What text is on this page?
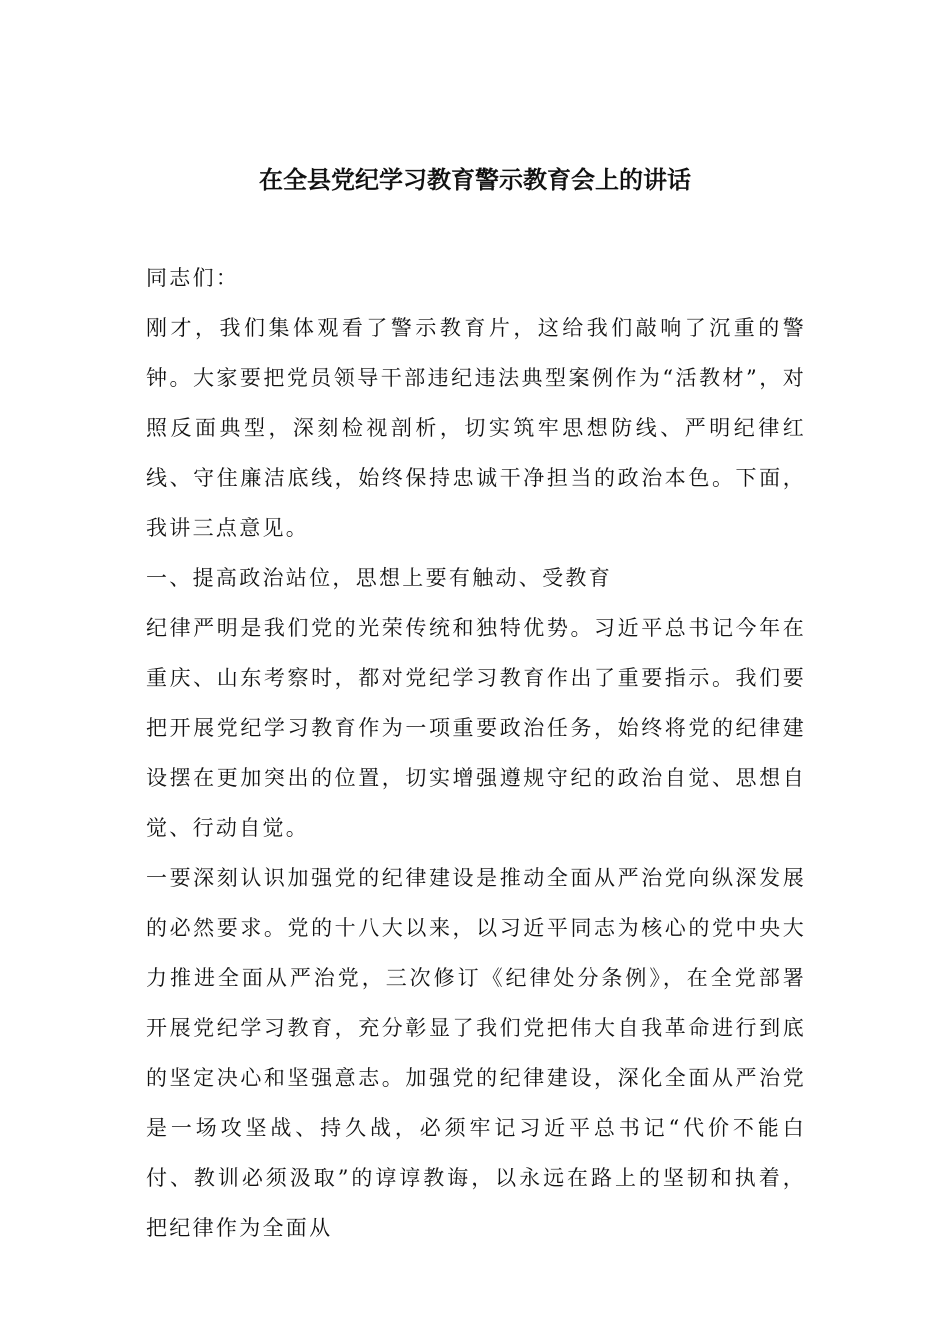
在全县党纪学习教育警示教育会上的讲话

同志们：

刚才，我们集体观看了警示教育片，这给我们敲响了沉重的警钟。大家要把党员领导干部违纪违法典型案例作为“活教材”，对照反面典型，深刻检视剖析，切实筑牢思想防线、严明纪律红线、守住廉洁底线，始终保持忠诚干净担当的政治本色。下面，我讲三点意见。

一、提高政治站位，思想上要有触动、受教育

纪律严明是我们党的光荣传统和独特优势。习近平总书记今年在重庆、山东考察时，都对党纪学习教育作出了重要指示。我们要把开展党纪学习教育作为一项重要政治任务，始终将党的纪律建设摆在更加突出的位置，切实增强遵规守纪的政治自觉、思想自觉、行动自觉。

一要深刻认识加强党的纪律建设是推动全面从严治党向纵深发展的必然要求。党的十八大以来，以习近平同志为核心的党中央大力推进全面从严治党，三次修订《纪律处分条例》，在全党部署开展党纪学习教育，充分彰显了我们党把伟大自我革命进行到底的坚定决心和坚强意志。加强党的纪律建设，深化全面从严治党是一场攻坚战、持久战，必须牢记习近平总书记“代价不能白付、教训必须汲取”的谆谆教诲，以永远在路上的坚韧和执着，把纪律作为全面从
